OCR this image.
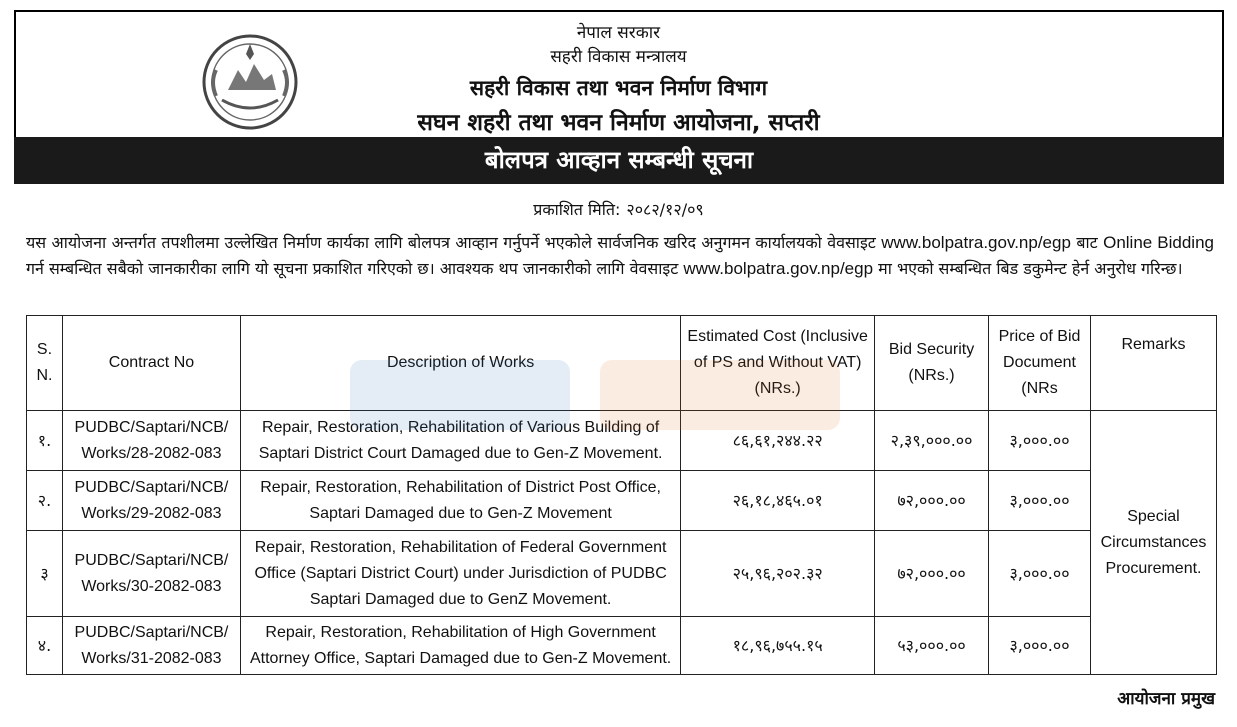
नेपाल सरकार
सहरी विकास मन्त्रालय
सहरी विकास तथा भवन निर्माण विभाग
सघन शहरी तथा भवन निर्माण आयोजना, सप्तरी
बोलपत्र आव्हान सम्बन्धी सूचना
प्रकाशित मिति: २०८२/१२/०९
यस आयोजना अन्तर्गत तपशीलमा उल्लेखित निर्माण कार्यका लागि बोलपत्र आव्हान गर्नुपर्ने भएकोले सार्वजनिक खरिद अनुगमन कार्यालयको वेवसाइट www.bolpatra.gov.np/egp बाट Online Bidding गर्न सम्बन्धित सबैको जानकारीका लागि यो सूचना प्रकाशित गरिएको छ। आवश्यक थप जानकारीको लागि वेवसाइट www.bolpatra.gov.np/egp मा भएको सम्बन्धित बिड डकुमेन्ट हेर्न अनुरोध गरिन्छ।
S. N.	Contract No	Description of Works	Estimated Cost (Inclusive of PS and Without VAT) (NRs.)	Bid Security (NRs.)	Price of Bid Document (NRs	Remarks
१.	PUDBC/Saptari/NCB/ Works/28-2082-083	Repair, Restoration, Rehabilitation of Various Building of Saptari District Court Damaged due to Gen-Z Movement.	८६,६१,२४४.२२	२,३९,०००.००	३,०००.००	Special Circumstances Procurement.
२.	PUDBC/Saptari/NCB/ Works/29-2082-083	Repair, Restoration, Rehabilitation of District Post Office, Saptari Damaged due to Gen-Z Movement	२६,१८,४६५.०१	७२,०००.००	३,०००.००	
३	PUDBC/Saptari/NCB/ Works/30-2082-083	Repair, Restoration, Rehabilitation of Federal Government Office (Saptari District Court) under Jurisdiction of PUDBC Saptari Damaged due to GenZ Movement.	२५,९६,२०२.३२	७२,०००.००	३,०००.००	
४.	PUDBC/Saptari/NCB/ Works/31-2082-083	Repair, Restoration, Rehabilitation of High Government Attorney Office, Saptari Damaged due to Gen-Z Movement.	१८,९६,७५५.१५	५३,०००.००	३,०००.००	
आयोजना प्रमुख
